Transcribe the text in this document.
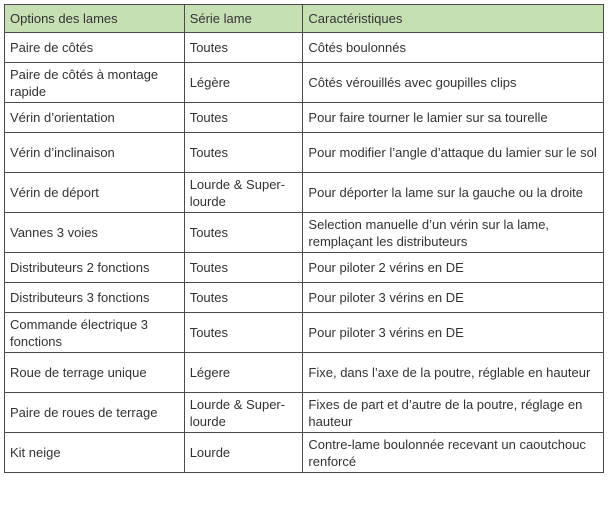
Options des lames	Série lame	Caractéristiques
Paire de côtés	Toutes	Côtés boulonnés
Paire de côtés à montage rapide	Légère	Côtés vérouillés avec goupilles clips
Vérin d’orientation	Toutes	Pour faire tourner le lamier sur sa tourelle
Vérin d’inclinaison	Toutes	Pour modifier l’angle d’attaque du lamier sur le sol
Vérin de déport	Lourde & Super-lourde	Pour déporter la lame sur la gauche ou la droite
Vannes 3 voies	Toutes	Selection manuelle d’un vérin sur la lame, remplaçant les distributeurs
Distributeurs 2 fonctions	Toutes	Pour piloter 2 vérins en DE
Distributeurs 3 fonctions	Toutes	Pour piloter 3 vérins en DE
Commande électrique 3 fonctions	Toutes	Pour piloter 3 vérins en DE
Roue de terrage unique	Légere	Fixe, dans l’axe de la poutre, réglable en hauteur
Paire de roues de terrage	Lourde & Super-lourde	Fixes de part et d’autre de la poutre, réglage en hauteur
Kit neige	Lourde	Contre-lame boulonnée recevant un caoutchouc renforcé
